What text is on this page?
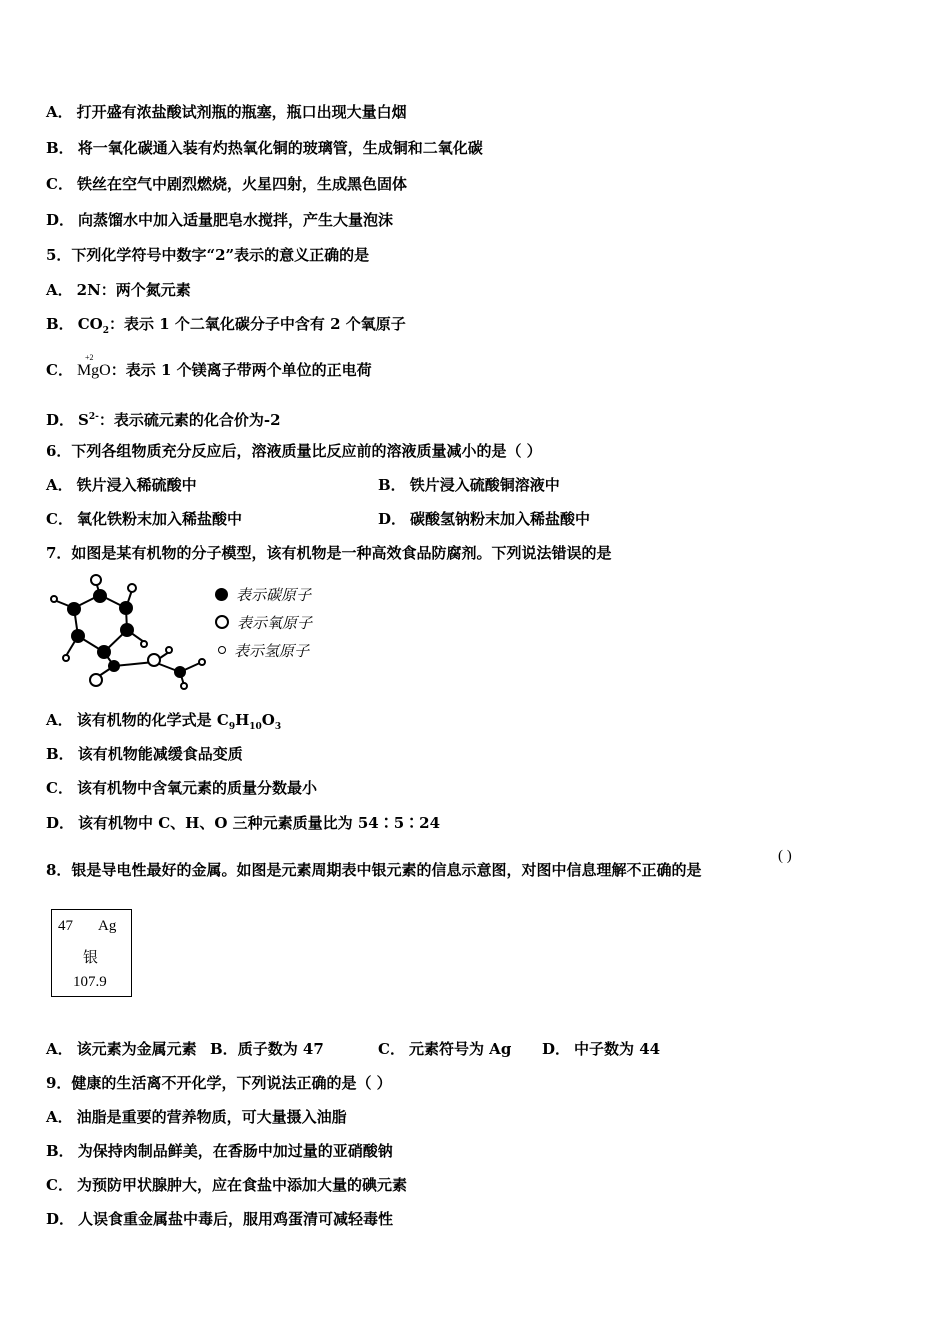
A． 打开盛有浓盐酸试剂瓶的瓶塞，瓶口出现大量白烟
B． 将一氧化碳通入装有灼热氧化铜的玻璃管，生成铜和二氧化碳
C． 铁丝在空气中剧烈燃烧，火星四射，生成黑色固体
D． 向蒸馏水中加入适量肥皂水搅拌，产生大量泡沫
5．下列化学符号中数字“2”表示的意义正确的是
A． 2N：两个氮元素
B． $CO_2$：表示 1 个二氧化碳分子中含有 2 个氧原子
C．
+2
MgO：表示 1 个镁离子带两个单位的正电荷
D． $S^{2-}$：表示硫元素的化合价为-2
6．下列各组物质充分反应后，溶液质量比反应前的溶液质量减小的是（ ）
A． 铁片浸入稀硫酸中	B． 铁片浸入硫酸铜溶液中
C． 氧化铁粉末加入稀盐酸中	D． 碳酸氢钠粉末加入稀盐酸中
7．如图是某有机物的分子模型，该有机物是一种高效食品防腐剂。下列说法错误的是
表示碳原子
表示氧原子
表示氢原子
A． 该有机物的化学式是 $C_9H_{10}O_3$
B． 该有机物能减缓食品变质
C． 该有机物中含氧元素的质量分数最小
D． 该有机物中 C、H、O 三种元素质量比为 54∶5∶24
8．银是导电性最好的金属。如图是元素周期表中银元素的信息示意图，对图中信息理解不正确的是
( )
47 Ag
银
107.9
A． 该元素为金属元素 B．质子数为 47	C． 元素符号为 Ag D． 中子数为 44
9．健康的生活离不开化学，下列说法正确的是（ ）
A． 油脂是重要的营养物质，可大量摄入油脂
B． 为保持肉制品鲜美，在香肠中加过量的亚硝酸钠
C． 为预防甲状腺肿大，应在食盐中添加大量的碘元素
D． 人误食重金属盐中毒后，服用鸡蛋清可减轻毒性
